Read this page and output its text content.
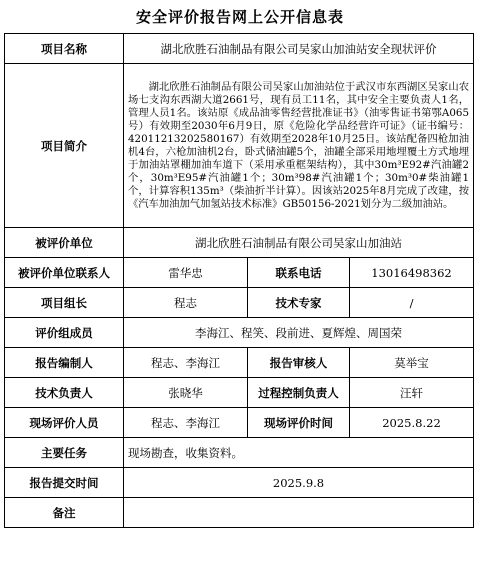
安全评价报告网上公开信息表
项目名称	湖北欣胜石油制品有限公司吴家山加油站安全现状评价		
项目简介	湖北欣胜石油制品有限公司吴家山加油站位于武汉市东西湖区吴家山农场七支沟东西湖大道2661号，现有员工11名，其中安全主要负责人1名，管理人员1名。该站原《成品油零售经营批准证书》（油零售证书第鄂A065号）有效期至2030年6月9日，原《危险化学品经营许可证》（证书编号：4201121320258016​7）有效期至2028年10月25日。该站配备四枪加油机4台，六枪加油机2台，卧式储油罐5个，油罐全部采用地埋覆土方式地埋于加油站罩棚加油车道下（采用承重框架结构），其中30m³E92#汽油罐2个，30m³E95#汽油罐1个；30m³98#汽油罐1个；30m³0#柴油罐1个，计算容积135m³（柴油折半计算）。因该站2025年8月完成了改建，按《汽车加油加气加氢站技术标准》GB50156-2021划分为二级加油站。		
被评价单位	湖北欣胜石油制品有限公司吴家山加油站		
被评价单位联系人	雷华忠	联系电话	13016498362
项目组长	程志	技术专家	/
评价组成员	李海江、程笑、段前进、夏辉煌、周国荣		
报告编制人	程志、李海江	报告审核人	莫举宝
技术负责人	张晓华	过程控制负责人	汪轩
现场评价人员	程志、李海江	现场评价时间	2025.8.22
主要任务	现场勘查，收集资料。		
报告提交时间	2025.9.8		
备注			
